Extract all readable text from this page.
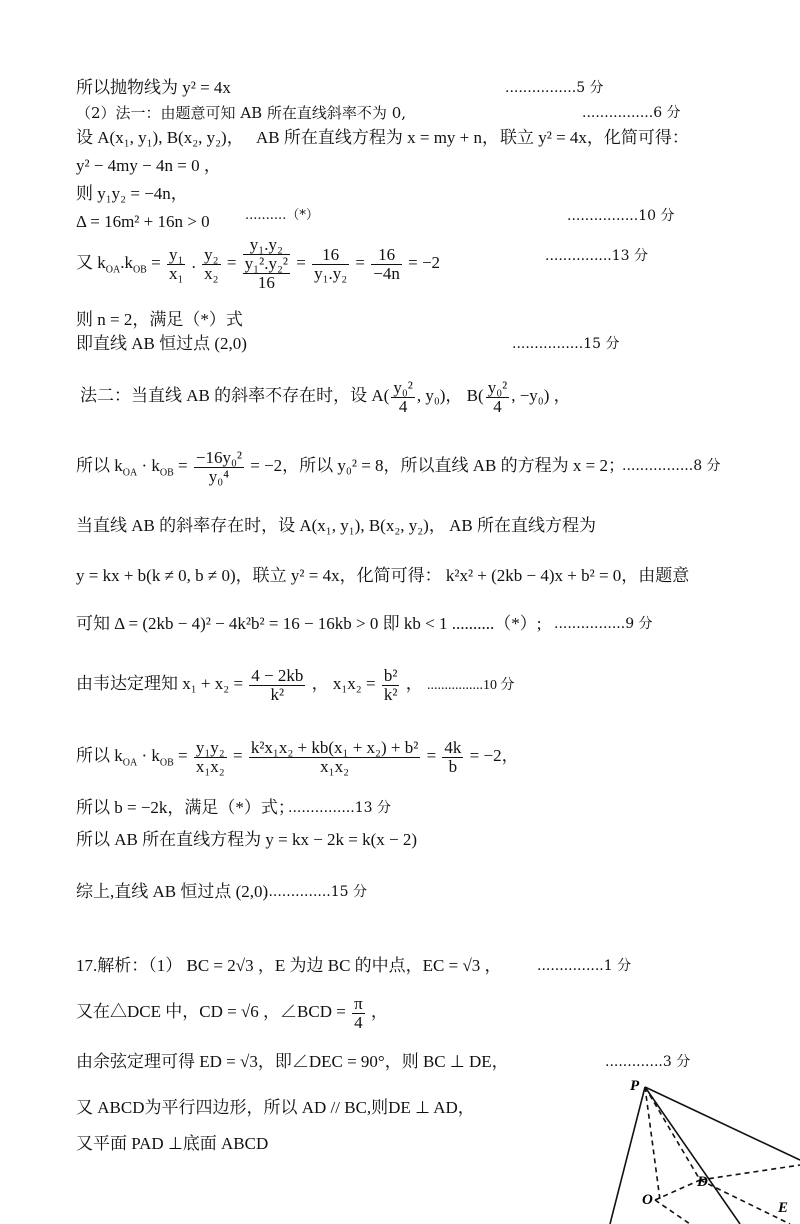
所以抛物线为 y² = 4x	................5 分
（2）法一：由题意可知 AB 所在直线斜率不为 0,	................6 分
设 A(x₁, y₁), B(x₂, y₂)， AB 所在直线方程为 x = my + n， 联立 y² = 4x，化简可得：
y² − 4my − 4n = 0 ，
则 y₁y₂ = −4n，
Δ = 16m² + 16n > 0	..........（*）	................10 分
又 $k_{OA}.k_{OB} = \frac{\text{y₁}}{\text{x₁}}$ . $\frac{\text{y₂}}{\text{x₂}}$ =
y₁.y₂
y₁².y₂²
16
= $\frac{16}{\text{y₁.y₂}} = \frac{16}{-4n} = -2$	...............13 分
则 n = 2，满足（*）式
即直线 AB 恒过点 (2,0)	................15 分
法二：当直线 AB 的斜率不存在时，设 $A( \frac{\text{y₀²}}{4}$ , y₀)， $B( \frac{\text{y₀²}}{4}$ , −y₀) ，
所以 $k_{OA} \cdot k_{OB} = \frac{\text{−16y₀²}}{\text{y₀⁴}} = -2$，所以 y₀² = 8，所以直线 AB 的方程为 x = 2；
................8 分
当直线 AB 的斜率存在时，设 A(x₁, y₁), B(x₂, y₂)， AB 所在直线方程为
y = kx + b(k ≠ 0, b ≠ 0)，联立 y² = 4x，化简可得： k²x² + (2kb − 4)x + b² = 0，由题意
可知 Δ = (2kb − 4)² − 4k²b² = 16 − 16kb > 0 即 kb < 1 ..........（*）; ................9 分
由韦达定理知 $x_1 + x_2 = \frac{4 - 2kb}{\text{k²}}$ ， $x_1x_2 = \frac{\text{b²}}{\text{k²}}$ ， ................10 分
所以 $k_{OA} \cdot k_{OB} = \frac{\text{y₁y₂}}{\text{x₁x₂}} = \frac{\text{k²x₁x₂ + kb(x₁ + x₂) + b²}}{\text{x₁x₂}} = \frac{4k}{b} = -2$，
所以 b = −2k，满足（*）式；
...............13 分
所以 AB 所在直线方程为 y = kx − 2k = k(x − 2)
综上,直线 AB 恒过点 (2,0)
...............15 分
17.解析：（1） BC = 2√3 ，E 为边 BC 的中点，EC = √3 ，	...............1 分
又在△DCE 中，CD = √6 ，∠BCD = $\frac{\pi}{4}$ ，
由余弦定理可得 ED = √3，即∠DEC = 90°，则 BC ⊥ DE，	.............3 分
又 ABCD为平行四边形，所以 AD // BC,则DE ⊥ AD，
又平面 PAD ⊥底面 ABCD
P
D
O	E
